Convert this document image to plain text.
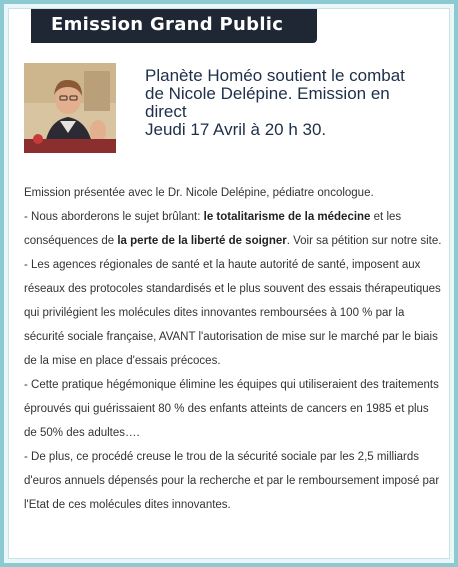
Emission Grand Public
Planète Homéo soutient le combat
de Nicole Delépine. Emission en
direct
Jeudi 17 Avril à 20 h 30.

Emission présentée avec le Dr. Nicole Delépine, pédiatre oncologue.

- Nous aborderons le sujet brûlant: le totalitarisme de la médecine et les conséquences de la perte de la liberté de soigner. Voir sa pétition sur notre site.

- Les agences régionales de santé et la haute autorité de santé, imposent aux réseaux des protocoles standardisés et le plus souvent des essais thérapeutiques qui privilégient les molécules dites innovantes remboursées à 100 % par la sécurité sociale française, AVANT l'autorisation de mise sur le marché par le biais de la mise en place d'essais précoces.

- Cette pratique hégémonique élimine les équipes qui utiliseraient des traitements éprouvés qui guérissaient 80 % des enfants atteints de cancers en 1985 et plus de 50% des adultes….

- De plus, ce procédé creuse le trou de la sécurité sociale par les 2,5 milliards d'euros annuels dépensés pour la recherche et par le remboursement imposé par l'Etat de ces molécules dites innovantes.
